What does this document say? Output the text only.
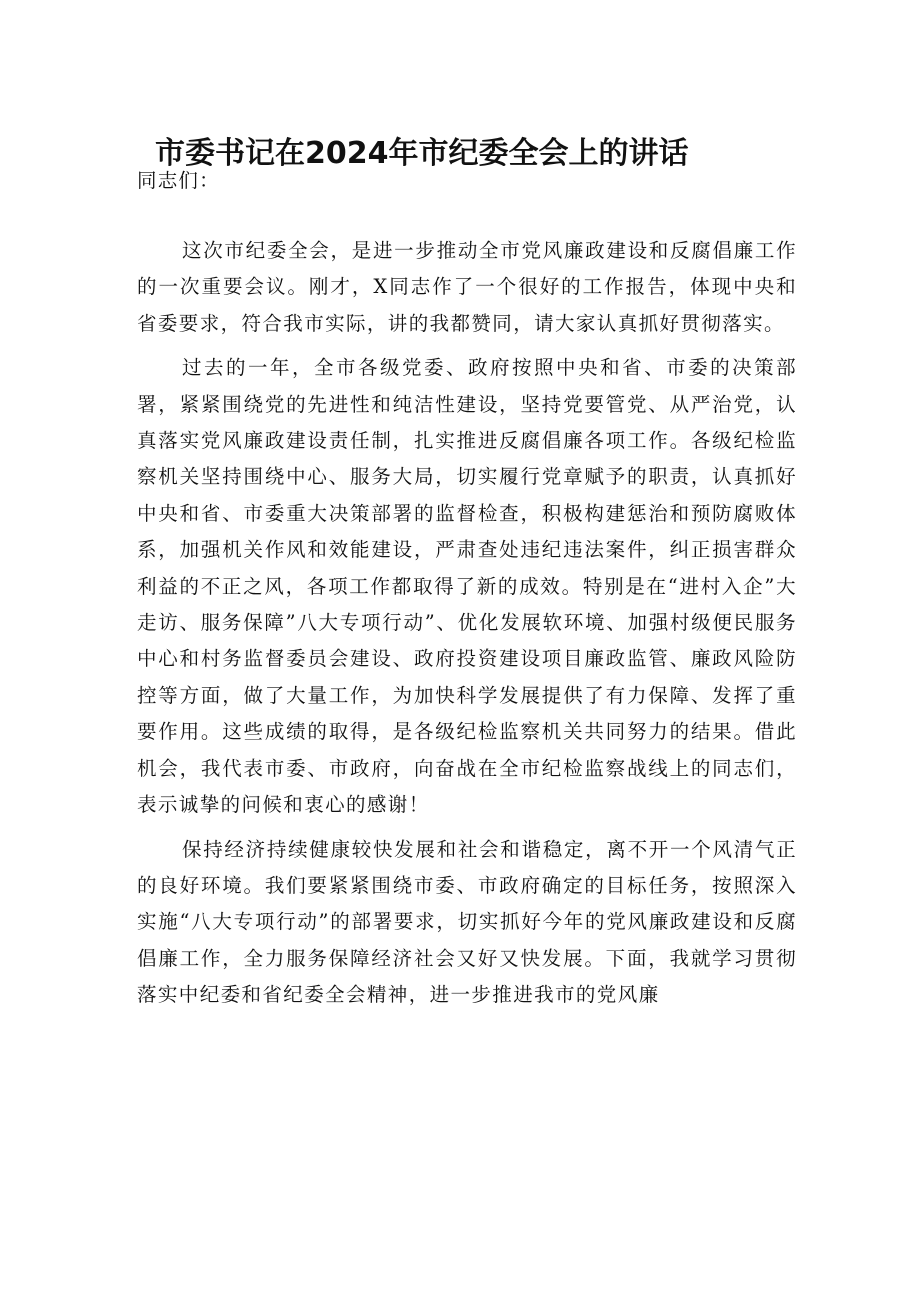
市委书记在2024年市纪委全会上的讲话

同志们：

这次市纪委全会，是进一步推动全市党风廉政建设和反腐倡廉工作的一次重要会议。刚才，X同志作了一个很好的工作报告，体现中央和省委要求，符合我市实际，讲的我都赞同，请大家认真抓好贯彻落实。

过去的一年，全市各级党委、政府按照中央和省、市委的决策部署，紧紧围绕党的先进性和纯洁性建设，坚持党要管党、从严治党，认真落实党风廉政建设责任制，扎实推进反腐倡廉各项工作。各级纪检监察机关坚持围绕中心、服务大局，切实履行党章赋予的职责，认真抓好中央和省、市委重大决策部署的监督检查，积极构建惩治和预防腐败体系，加强机关作风和效能建设，严肃查处违纪违法案件，纠正损害群众利益的不正之风，各项工作都取得了新的成效。特别是在“进村入企”大走访、服务保障”八大专项行动”、优化发展软环境、加强村级便民服务中心和村务监督委员会建设、政府投资建设项目廉政监管、廉政风险防控等方面，做了大量工作，为加快科学发展提供了有力保障、发挥了重要作用。这些成绩的取得，是各级纪检监察机关共同努力的结果。借此机会，我代表市委、市政府，向奋战在全市纪检监察战线上的同志们，表示诚挚的问候和衷心的感谢！

保持经济持续健康较快发展和社会和谐稳定，离不开一个风清气正的良好环境。我们要紧紧围绕市委、市政府确定的目标任务，按照深入实施“八大专项行动”的部署要求，切实抓好今年的党风廉政建设和反腐倡廉工作，全力服务保障经济社会又好又快发展。下面，我就学习贯彻落实中纪委和省纪委全会精神，进一步推进我市的党风廉
